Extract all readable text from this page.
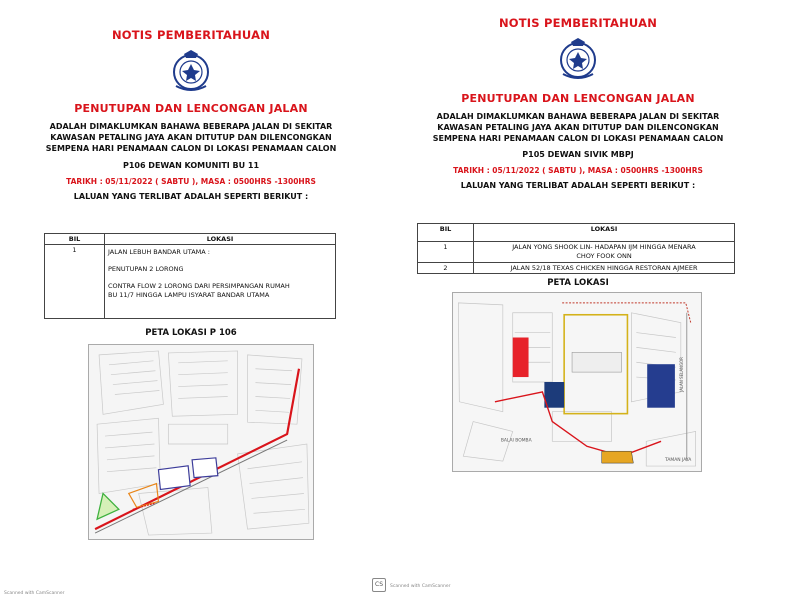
NOTIS PEMBERITAHUAN
PENUTUPAN DAN LENCONGAN JALAN
ADALAH DIMAKLUMKAN BAHAWA BEBERAPA JALAN DI SEKITAR
KAWASAN PETALING JAYA AKAN DITUTUP DAN DILENCONGKAN
SEMPENA HARI PENAMAAN CALON DI LOKASI PENAMAAN CALON
P106 DEWAN KOMUNITI BU 11
TARIKH : 05/11/2022 ( SABTU ), MASA : 0500HRS -1300HRS
LALUAN YANG TERLIBAT ADALAH SEPERTI BERIKUT :
BIL	LOKASI
1	JALAN LEBUH BANDAR UTAMA :
PENUTUPAN 2 LORONG
CONTRA FLOW 2 LORONG DARI PERSIMPANGAN RUMAH
BU 11/7 HINGGA LAMPU ISYARAT BANDAR UTAMA
PETA LOKASI P 106
NOTIS PEMBERITAHUAN
PENUTUPAN DAN LENCONGAN JALAN
ADALAH DIMAKLUMKAN BAHAWA BEBERAPA JALAN DI SEKITAR
KAWASAN PETALING JAYA AKAN DITUTUP DAN DILENCONGKAN
SEMPENA HARI PENAMAAN CALON DI LOKASI PENAMAAN CALON
P105 DEWAN SIVIK MBPJ
TARIKH : 05/11/2022 ( SABTU ), MASA : 0500HRS -1300HRS
LALUAN YANG TERLIBAT ADALAH SEPERTI BERIKUT :
BIL	LOKASI
1	JALAN YONG SHOOK LIN- HADAPAN IJM HINGGA MENARA
CHOY FOOK ONN

2	JALAN 52/18 TEXAS CHICKEN HINGGA RESTORAN AJMEER
PETA LOKASI
BALAI BOMBA
TAMAN JAYA
JALAN SELANGOR
Scanned with CamScanner
CS	Scanned with CamScanner
